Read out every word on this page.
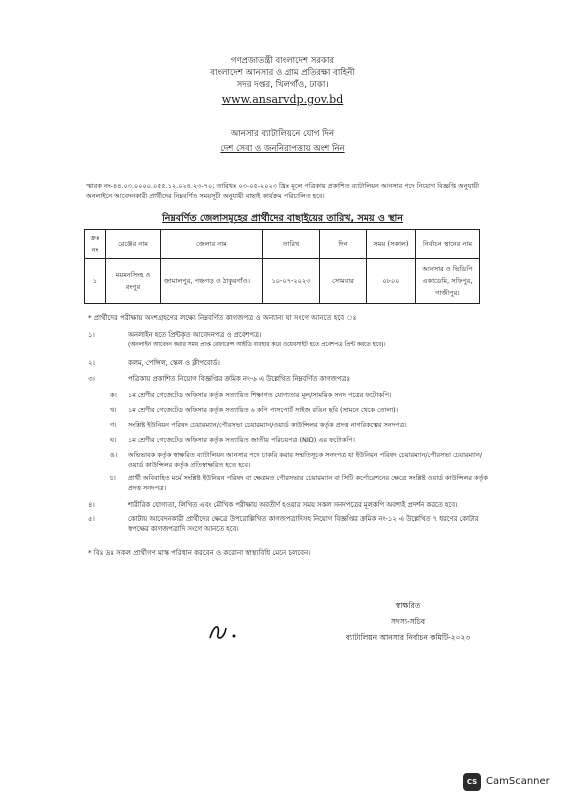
গণপ্রজাতন্ত্রী বাংলাদেশ সরকার

বাংলাদেশ আনসার ও গ্রাম প্রতিরক্ষা বাহিনী

সদর দপ্তর, খিলগাঁও, ঢাকা।

www.ansarvdp.gov.bd

আনসার ব্যাটালিয়নে যোগ দিন
দেশ সেবা ও জননিরাপত্তায় অংশ নিন
স্মারক নং-৪৪.০৩.০০০০.০৫৫.১২.০২৪.২৩-৭০; তারিখঃ ০৩-০৫-২০২৩ খ্রিঃ মূলে পত্রিকায় প্রকাশিত ব্যাটালিয়ন আনসার পদে নিয়োগ বিজ্ঞপ্তি অনুযায়ী অনলাইনে আবেদনকারী প্রার্থীদের নিম্নবর্ণিত সময়সূচী অনুযায়ী বাছাই কার্যক্রম পরিচালিত হবে।
নিম্নবর্ণিত জেলাসমূহের প্রার্থীদের বাছাইয়ের তারিখ, সময় ও স্থান
ক্রঃ নং	রেঞ্জের নাম	জেলার নাম	তারিখ	দিন	সময় (সকাল)	নির্বাচন স্থানের নাম
১	ময়মনসিংহ ও রংপুর	জামালপুর, পঞ্চগড় ও ঠাকুরগাঁও।	১০-০৭-২০২৩	সোমবার	০৮০০	আনসার ও ভিডিপি একাডেমি, সফিপুর, গাজীপুর।
* প্রার্থীদের পরীক্ষায় অংশগ্রহণের লক্ষ্যে নিম্নবর্ণিত কাগজপত্র ও অন্যান্য যা সংগে আনতে হবে ঃ
১।	অনলাইন হতে প্রিন্টকৃত আবেদনপত্র ও প্রবেশপত্র।
(অনলাইন আবেদন করার সময় প্রাপ্ত রেফারেন্স আইডি ব্যবহার করে ওয়েবসাইট হতে প্রবেশপত্র প্রিন্ট করতে হবে)।
২।	কলম, পেন্সিল, স্কেল ও ক্লীপবোর্ড।
৩।	পত্রিকায় প্রকাশিত নিয়োগ বিজ্ঞপ্তির ক্রমিক নং-৬ এ উল্লেখিত নিম্নবর্ণিত কাগজপত্রঃ
ক। ১ম শ্রেণীর গেজেটেড অফিসার কর্তৃক সত্যায়িত শিক্ষাগত যোগ্যতার মূল/সাময়িক সনদ পত্রের ফটোকপি।
খ। ১ম শ্রেণীর গেজেটেড অফিসার কর্তৃক সত্যায়িত ৬ কপি পাসপোর্ট সাইজ রঙিন ছবি (সামনে থেকে তোলা)।
গ। সংশ্লিষ্ট ইউনিয়ন পরিষদ চেয়ারম্যান/পৌরসভা চেয়ারম্যান/ওয়ার্ড কাউন্সিলর কর্তৃক প্রদত্ত নাগরিকত্বের সনদপত্র।
ঘ। ১ম শ্রেণীর গেজেটেড অফিসার কর্তৃক সত্যায়িত জাতীয় পরিচয়পত্র (NID) এর ফটোকপি।
ঙ। অভিভাবক কর্তৃক স্বাক্ষরিত ব্যাটালিয়ন আনসার পদে চাকরি করার সম্মতিসূচক সনদপত্র যা ইউনিয়ন পরিষদ চেয়ারম্যান/পৌরসভা চেয়ারম্যান/ওয়ার্ড কাউন্সিলর কর্তৃক প্রতিস্বাক্ষরিত হতে হবে।
চ। প্রার্থী অবিবাহিত মর্মে সংশ্লিষ্ট ইউনিয়ন পরিষদ বা ক্ষেত্রমত পৌরসভার চেয়ারম্যান বা সিটি কর্পোরেশনের ক্ষেত্রে সংশ্লিষ্ট ওয়ার্ড কাউন্সিলর কর্তৃক প্রদত্ত সনদপত্র।
৪।	শারীরিক যোগ্যতা, লিখিত এবং মৌখিক পরীক্ষায় অবতীর্ণ হওয়ার সময় সকল সনদপত্রের মূলকপি অবশ্যই প্রদর্শন করতে হবে।
৫।	কোটায় আবেদনকারী প্রার্থীদের ক্ষেত্রে উপরোল্লিখিত কাগজপত্রাদিসহ নিয়োগ বিজ্ঞপ্তির ক্রমিক নং-১২ এ উল্লেখিত ৭ ধরণের কোটার স্বপক্ষের কাগজপত্রাদি সংগে আনতে হবে।
* বিঃ দ্রঃ সকল প্রার্থীগণ মাস্ক পরিধান করবেন ও করোনা স্বাস্থ্যবিধি মেনে চলবেন।
স্বাক্ষরিত
সদস্য-সচিব
ব্যাটালিয়ন আনসার নির্বাচন কমিটি-২০২৩
CS CamScanner
